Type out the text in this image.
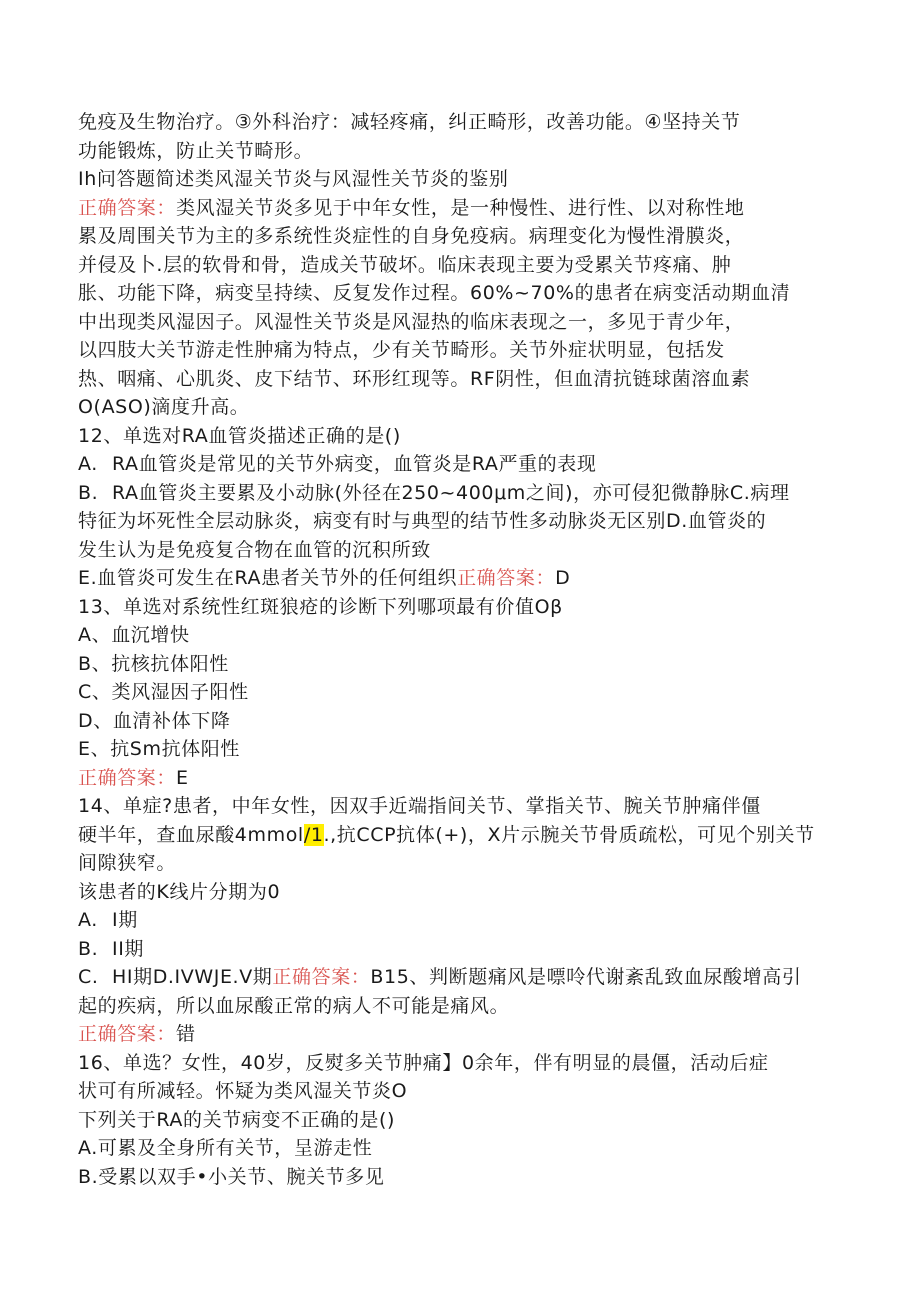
免疫及生物治疗。③外科治疗：减轻疼痛，纠正畸形，改善功能。④坚持关节
功能锻炼，防止关节畸形。
Ih问答题简述类风湿关节炎与风湿性关节炎的鉴别
正确答案：类风湿关节炎多见于中年女性，是一种慢性、进行性、以对称性地
累及周围关节为主的多系统性炎症性的自身免疫病。病理变化为慢性滑膜炎，
并侵及卜.层的软骨和骨，造成关节破坏。临床表现主要为受累关节疼痛、肿
胀、功能下降，病变呈持续、反复发作过程。60%~70%的患者在病变活动期血清
中出现类风湿因子。风湿性关节炎是风湿热的临床表现之一，多见于青少年，
以四肢大关节游走性肿痛为特点，少有关节畸形。关节外症状明显，包括发
热、咽痛、心肌炎、皮下结节、环形红现等。RF阴性，但血清抗链球菌溶血素
O(ASO)滴度升高。
12、单选对RA血管炎描述正确的是()
A. RA血管炎是常见的关节外病变，血管炎是RA严重的表现
B. RA血管炎主要累及小动脉(外径在250~400μm之间)，亦可侵犯微静脉C.病理
特征为坏死性全层动脉炎，病变有时与典型的结节性多动脉炎无区别D.血管炎的
发生认为是免疫复合物在血管的沉积所致
E.血管炎可发生在RA患者关节外的任何组织正确答案：D
13、单选对系统性红斑狼疮的诊断下列哪项最有价值Oβ
A、血沉增快
B、抗核抗体阳性
C、类风湿因子阳性
D、血清补体下降
E、抗Sm抗体阳性
正确答案：E
14、单症?患者，中年女性，因双手近端指间关节、掌指关节、腕关节肿痛伴僵
硬半年，查血尿酸4mmol/1.,抗CCP抗体(+)，X片示腕关节骨质疏松，可见个别关节
间隙狭窄。
该患者的K线片分期为0
A. I期
B. II期
C. HI期D.IVWJE.V期正确答案：B15、判断题痛风是嘌呤代谢紊乱致血尿酸增高引
起的疾病，所以血尿酸正常的病人不可能是痛风。
正确答案：错
16、单选？女性，40岁，反熨多关节肿痛】0余年，伴有明显的晨僵，活动后症
状可有所减轻。怀疑为类风湿关节炎O
下列关于RA的关节病变不正确的是()
A.可累及全身所有关节，呈游走性
B.受累以双手•小关节、腕关节多见
